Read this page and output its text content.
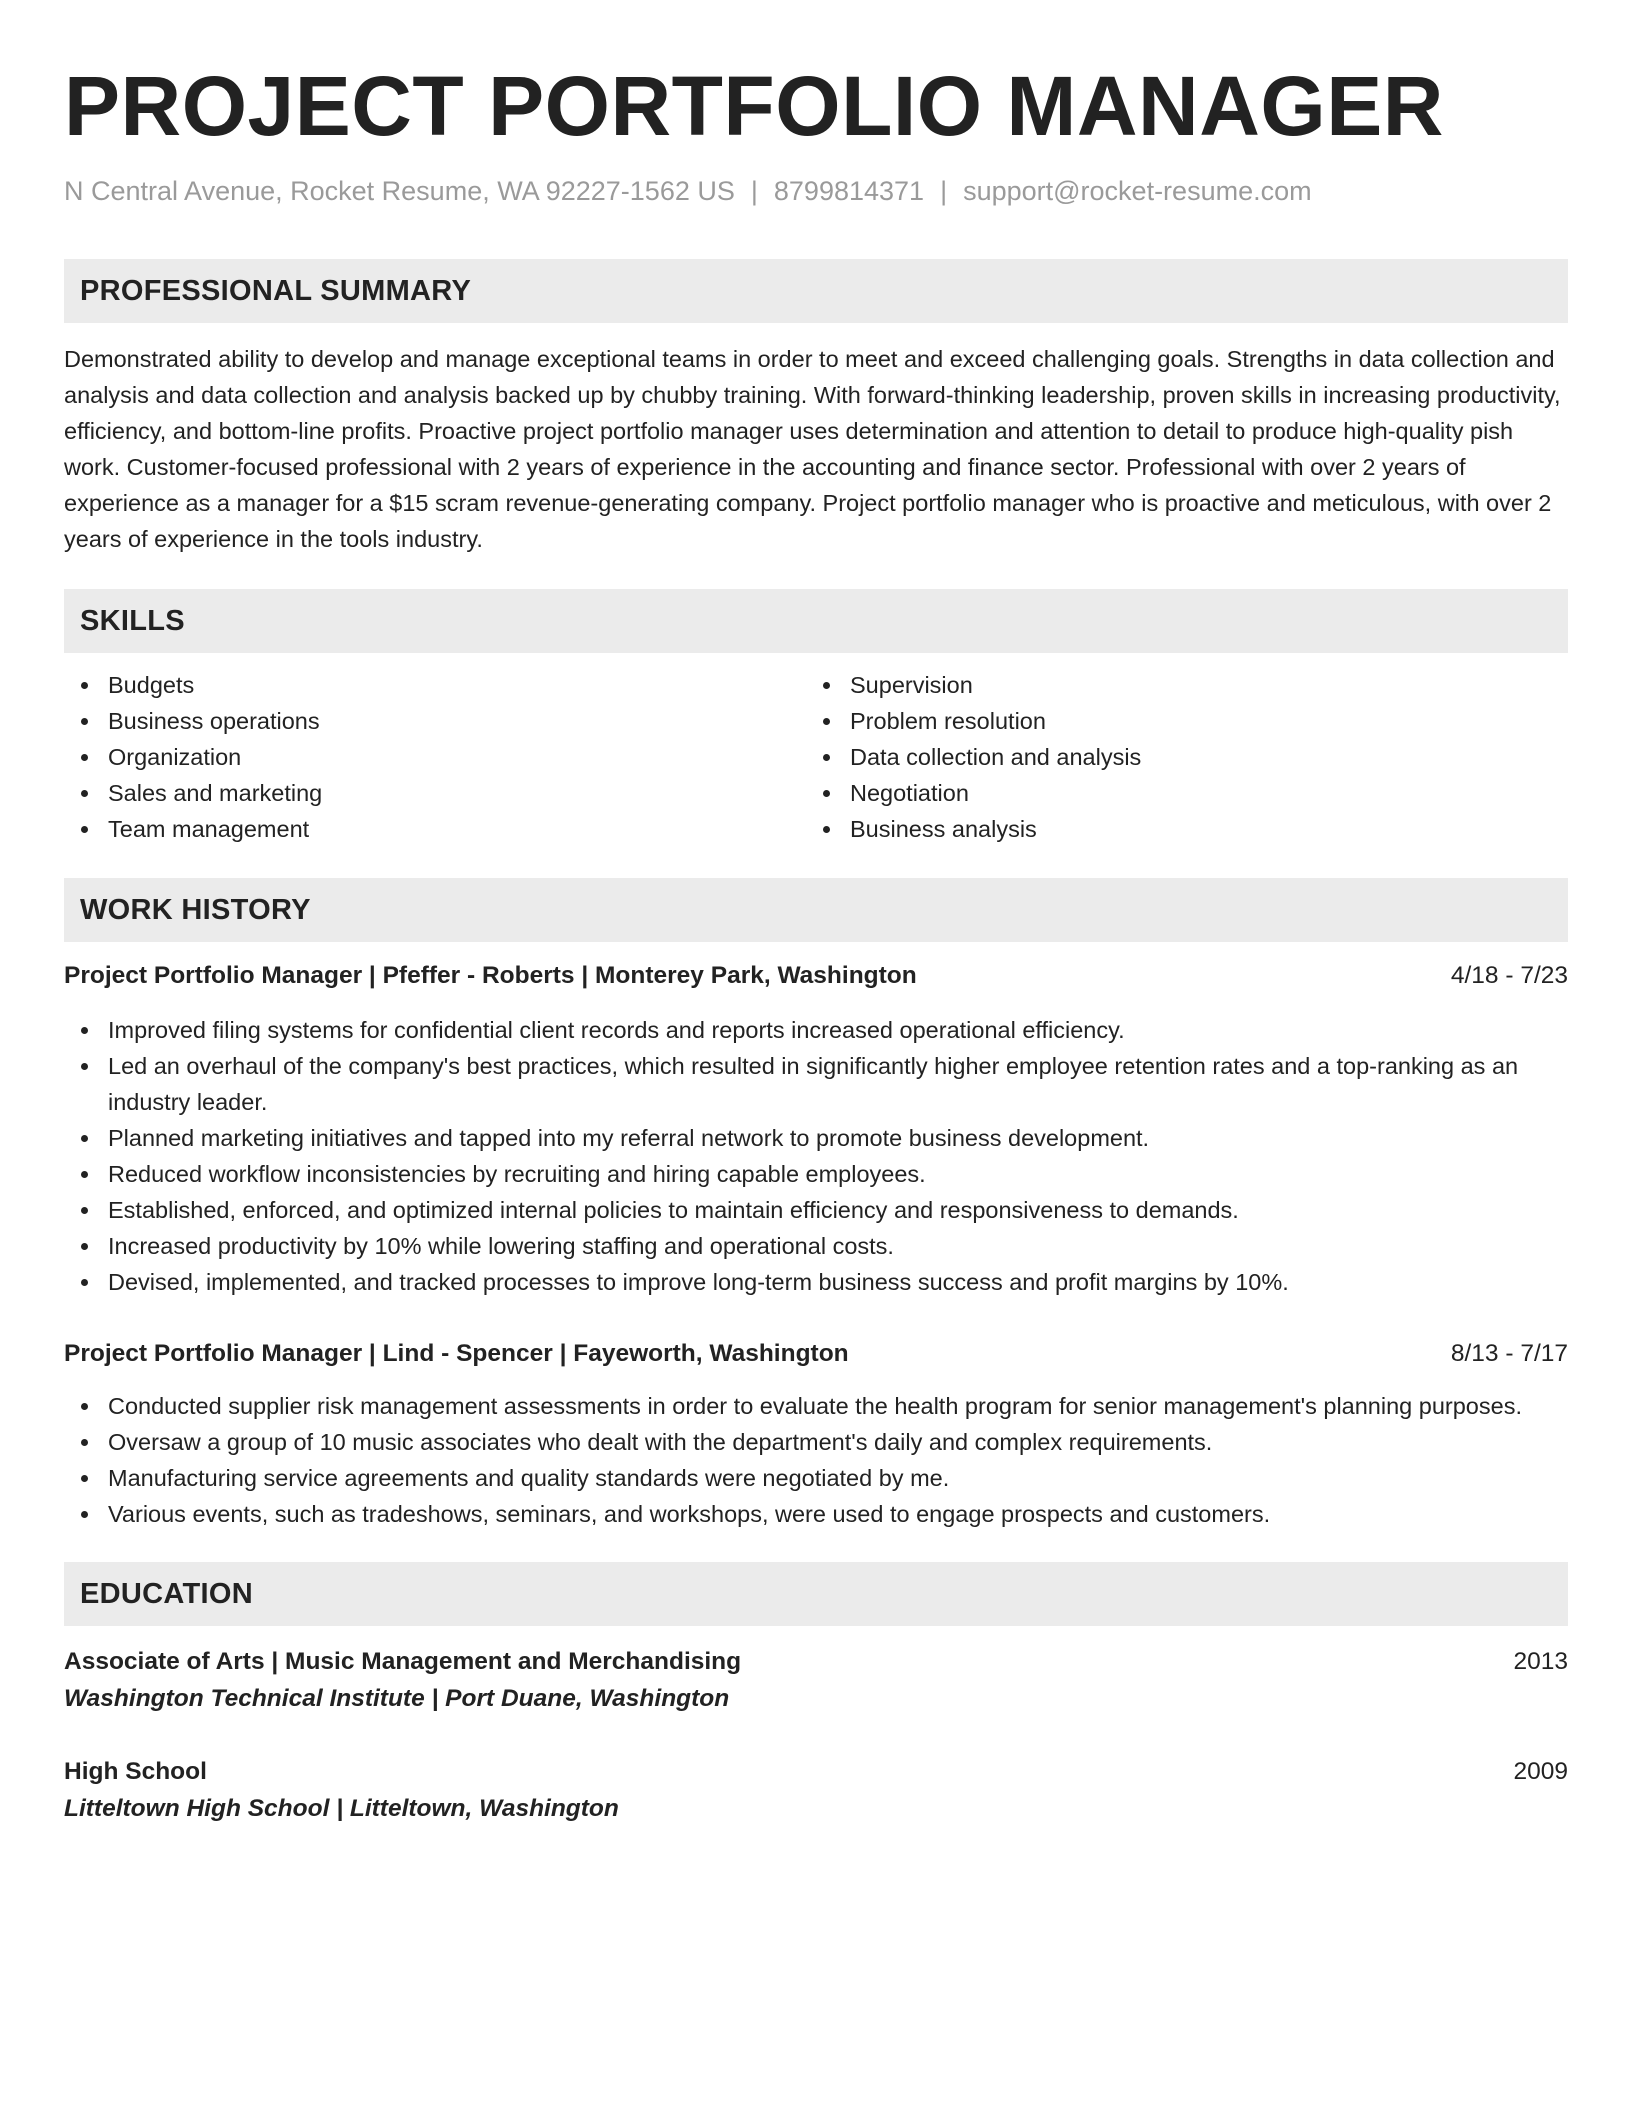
PROJECT PORTFOLIO MANAGER
N Central Avenue, Rocket Resume, WA 92227-1562 US | 8799814371 | support@rocket-resume.com
PROFESSIONAL SUMMARY

Demonstrated ability to develop and manage exceptional teams in order to meet and exceed challenging goals. Strengths in data collection and analysis and data collection and analysis backed up by chubby training. With forward-thinking leadership, proven skills in increasing productivity, efficiency, and bottom-line profits. Proactive project portfolio manager uses determination and attention to detail to produce high-quality pish work. Customer-focused professional with 2 years of experience in the accounting and finance sector. Professional with over 2 years of experience as a manager for a $15 scram revenue-generating company. Project portfolio manager who is proactive and meticulous, with over 2 years of experience in the tools industry.

SKILLS
Budgets
Business operations
Organization
Sales and marketing
Team management
Supervision
Problem resolution
Data collection and analysis
Negotiation
Business analysis
WORK HISTORY
Project Portfolio Manager | Pfeffer - Roberts | Monterey Park, Washington	4/18 - 7/23
Improved filing systems for confidential client records and reports increased operational efficiency.
Led an overhaul of the company's best practices, which resulted in significantly higher employee retention rates and a top-ranking as an industry leader.
Planned marketing initiatives and tapped into my referral network to promote business development.
Reduced workflow inconsistencies by recruiting and hiring capable employees.
Established, enforced, and optimized internal policies to maintain efficiency and responsiveness to demands.
Increased productivity by 10% while lowering staffing and operational costs.
Devised, implemented, and tracked processes to improve long-term business success and profit margins by 10%.
Project Portfolio Manager | Lind - Spencer | Fayeworth, Washington	8/13 - 7/17
Conducted supplier risk management assessments in order to evaluate the health program for senior management's planning purposes.
Oversaw a group of 10 music associates who dealt with the department's daily and complex requirements.
Manufacturing service agreements and quality standards were negotiated by me.
Various events, such as tradeshows, seminars, and workshops, were used to engage prospects and customers.
EDUCATION
Associate of Arts | Music Management and Merchandising
Washington Technical Institute | Port Duane, Washington
2013
High School
Litteltown High School | Litteltown, Washington
2009
